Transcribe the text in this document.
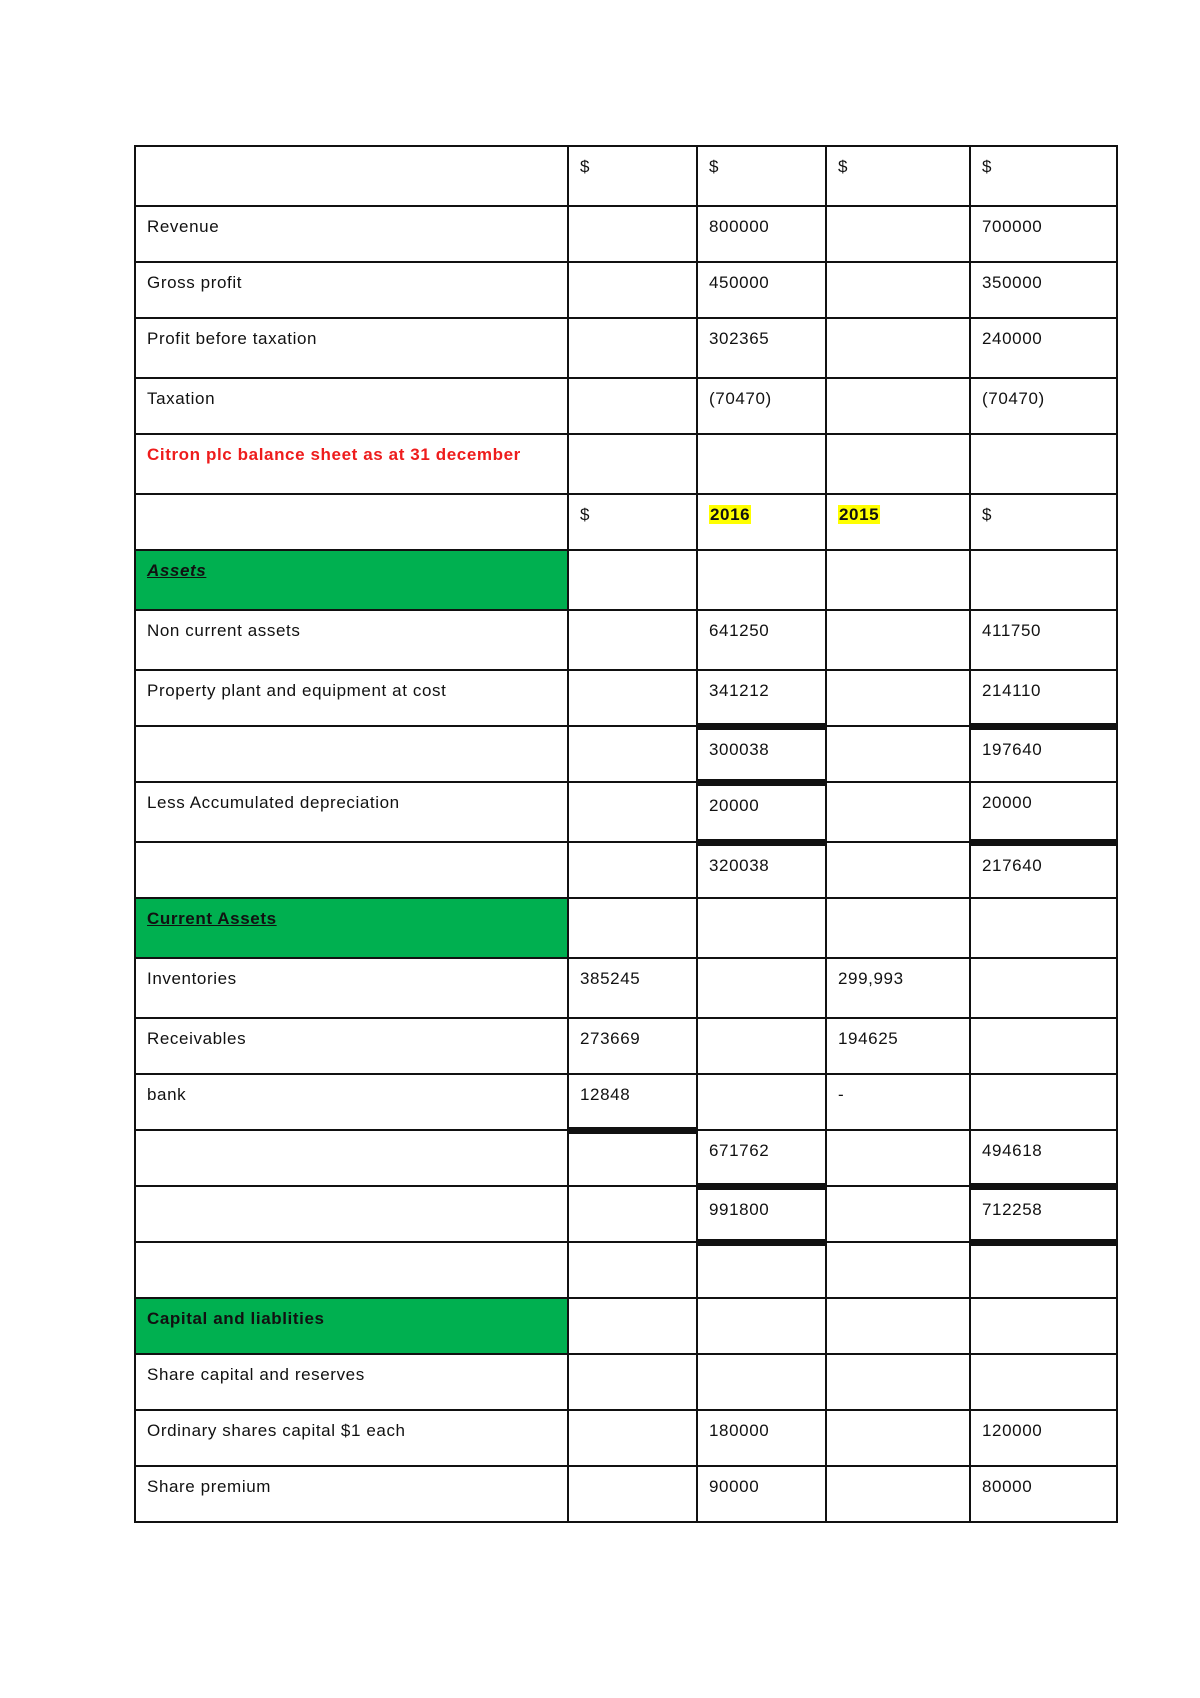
	$	$	$	$
Revenue		800000		700000
Gross profit		450000		350000
Profit before taxation		302365		240000
Taxation		(70470)		(70470)
Citron plc balance sheet as at 31 december				
	$	2016	2015	$
Assets				
Non current assets		641250		411750
Property plant and equipment at cost		341212		214110
		300038		197640
Less Accumulated depreciation		20000		20000
		320038		217640
Current Assets				
Inventories	385245		299,993	
Receivables	273669		194625	
bank	12848		-	
		671762		494618
		991800		712258

Capital and liablities				
Share capital and reserves				
Ordinary shares capital $1 each		180000		120000
Share premium		90000		80000
